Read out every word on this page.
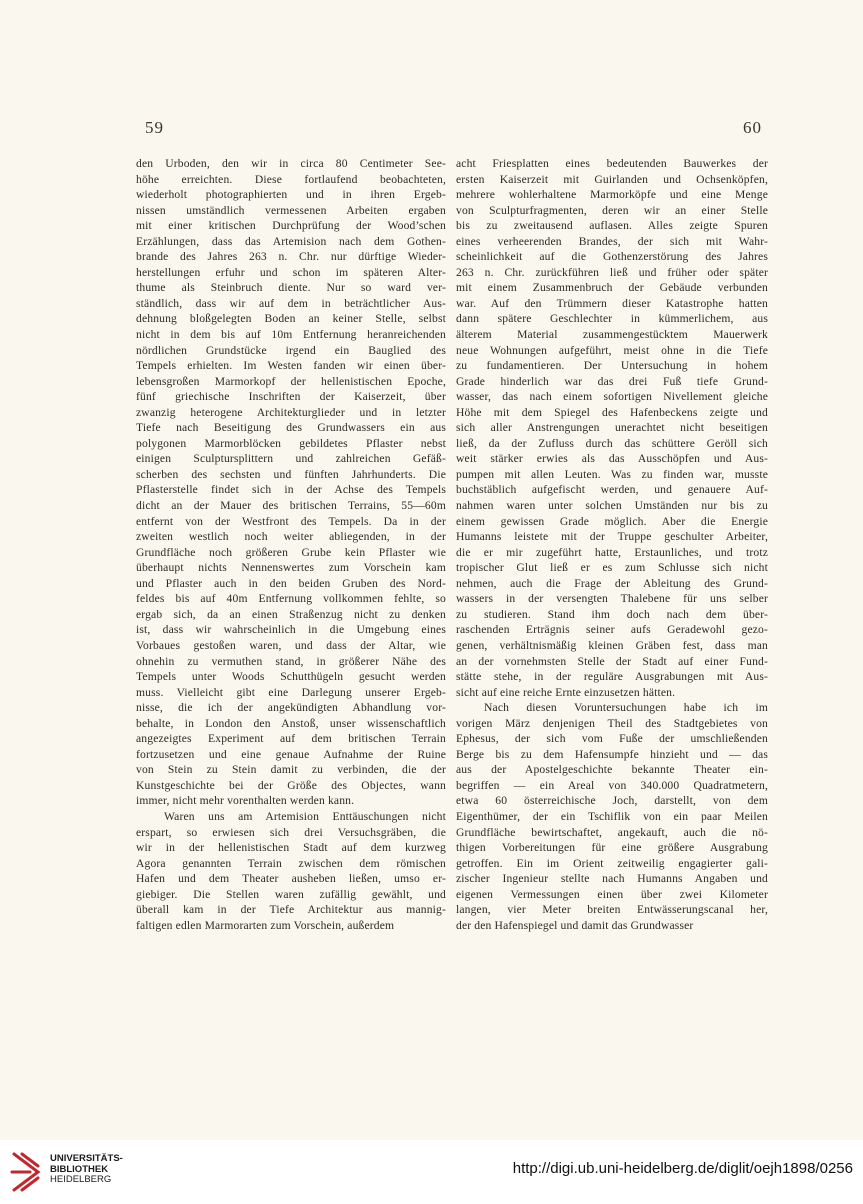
59	60
den Urboden, den wir in circa 80 Centimeter See-
höhe erreichten. Diese fortlaufend beobachteten,
wiederholt photographierten und in ihren Ergeb-
nissen umständlich vermessenen Arbeiten ergaben
mit einer kritischen Durchprüfung der Wood’schen
Erzählungen, dass das Artemision nach dem Gothen-
brande des Jahres 263 n. Chr. nur dürftige Wieder-
herstellungen erfuhr und schon im späteren Alter-
thume als Steinbruch diente. Nur so ward ver-
ständlich, dass wir auf dem in beträchtlicher Aus-
dehnung bloßgelegten Boden an keiner Stelle, selbst
nicht in dem bis auf 10m Entfernung heranreichenden
nördlichen Grundstücke irgend ein Bauglied des
Tempels erhielten. Im Westen fanden wir einen über-
lebensgroßen Marmorkopf der hellenistischen Epoche,
fünf griechische Inschriften der Kaiserzeit, über
zwanzig heterogene Architekturglieder und in letzter
Tiefe nach Beseitigung des Grundwassers ein aus
polygonen Marmorblöcken gebildetes Pflaster nebst
einigen Sculptursplittern und zahlreichen Gefäß-
scherben des sechsten und fünften Jahrhunderts. Die
Pflasterstelle findet sich in der Achse des Tempels
dicht an der Mauer des britischen Terrains, 55—60m
entfernt von der Westfront des Tempels. Da in der
zweiten westlich noch weiter abliegenden, in der
Grundfläche noch größeren Grube kein Pflaster wie
überhaupt nichts Nennenswertes zum Vorschein kam
und Pflaster auch in den beiden Gruben des Nord-
feldes bis auf 40m Entfernung vollkommen fehlte, so
ergab sich, da an einen Straßenzug nicht zu denken
ist, dass wir wahrscheinlich in die Umgebung eines
Vorbaues gestoßen waren, und dass der Altar, wie
ohnehin zu vermuthen stand, in größerer Nähe des
Tempels unter Woods Schutthügeln gesucht werden
muss. Vielleicht gibt eine Darlegung unserer Ergeb-
nisse, die ich der angekündigten Abhandlung vor-
behalte, in London den Anstoß, unser wissenschaftlich
angezeigtes Experiment auf dem britischen Terrain
fortzusetzen und eine genaue Aufnahme der Ruine
von Stein zu Stein damit zu verbinden, die der
Kunstgeschichte bei der Größe des Objectes, wann
immer, nicht mehr vorenthalten werden kann.
Waren uns am Artemision Enttäuschungen nicht
erspart, so erwiesen sich drei Versuchsgräben, die
wir in der hellenistischen Stadt auf dem kurzweg
Agora genannten Terrain zwischen dem römischen
Hafen und dem Theater ausheben ließen, umso er-
giebiger. Die Stellen waren zufällig gewählt, und
überall kam in der Tiefe Architektur aus mannig-
faltigen edlen Marmorarten zum Vorschein, außerdem
acht Friesplatten eines bedeutenden Bauwerkes der
ersten Kaiserzeit mit Guirlanden und Ochsenköpfen,
mehrere wohlerhaltene Marmorköpfe und eine Menge
von Sculpturfragmenten, deren wir an einer Stelle
bis zu zweitausend auflasen. Alles zeigte Spuren
eines verheerenden Brandes, der sich mit Wahr-
scheinlichkeit auf die Gothenzerstörung des Jahres
263 n. Chr. zurückführen ließ und früher oder später
mit einem Zusammenbruch der Gebäude verbunden
war. Auf den Trümmern dieser Katastrophe hatten
dann spätere Geschlechter in kümmerlichem, aus
älterem Material zusammengestücktem Mauerwerk
neue Wohnungen aufgeführt, meist ohne in die Tiefe
zu fundamentieren. Der Untersuchung in hohem
Grade hinderlich war das drei Fuß tiefe Grund-
wasser, das nach einem sofortigen Nivellement gleiche
Höhe mit dem Spiegel des Hafenbeckens zeigte und
sich aller Anstrengungen unerachtet nicht beseitigen
ließ, da der Zufluss durch das schüttere Geröll sich
weit stärker erwies als das Ausschöpfen und Aus-
pumpen mit allen Leuten. Was zu finden war, musste
buchstäblich aufgefischt werden, und genauere Auf-
nahmen waren unter solchen Umständen nur bis zu
einem gewissen Grade möglich. Aber die Energie
Humanns leistete mit der Truppe geschulter Arbeiter,
die er mir zugeführt hatte, Erstaunliches, und trotz
tropischer Glut ließ er es zum Schlusse sich nicht
nehmen, auch die Frage der Ableitung des Grund-
wassers in der versengten Thalebene für uns selber
zu studieren. Stand ihm doch nach dem über-
raschenden Erträgnis seiner aufs Geradewohl gezo-
genen, verhältnismäßig kleinen Gräben fest, dass man
an der vornehmsten Stelle der Stadt auf einer Fund-
stätte stehe, in der reguläre Ausgrabungen mit Aus-
sicht auf eine reiche Ernte einzusetzen hätten.
Nach diesen Voruntersuchungen habe ich im
vorigen März denjenigen Theil des Stadtgebietes von
Ephesus, der sich vom Fuße der umschließenden
Berge bis zu dem Hafensumpfe hinzieht und — das
aus der Apostelgeschichte bekannte Theater ein-
begriffen — ein Areal von 340.000 Quadratmetern,
etwa 60 österreichische Joch, darstellt, von dem
Eigenthümer, der ein Tschiflik von ein paar Meilen
Grundfläche bewirtschaftet, angekauft, auch die nö-
thigen Vorbereitungen für eine größere Ausgrabung
getroffen. Ein im Orient zeitweilig engagierter gali-
zischer Ingenieur stellte nach Humanns Angaben und
eigenen Vermessungen einen über zwei Kilometer
langen, vier Meter breiten Entwässerungscanal her,
der den Hafenspiegel und damit das Grundwasser
UNIVERSITÄTS-
BIBLIOTHEK
HEIDELBERG
http://digi.ub.uni-heidelberg.de/diglit/oejh1898/0256
